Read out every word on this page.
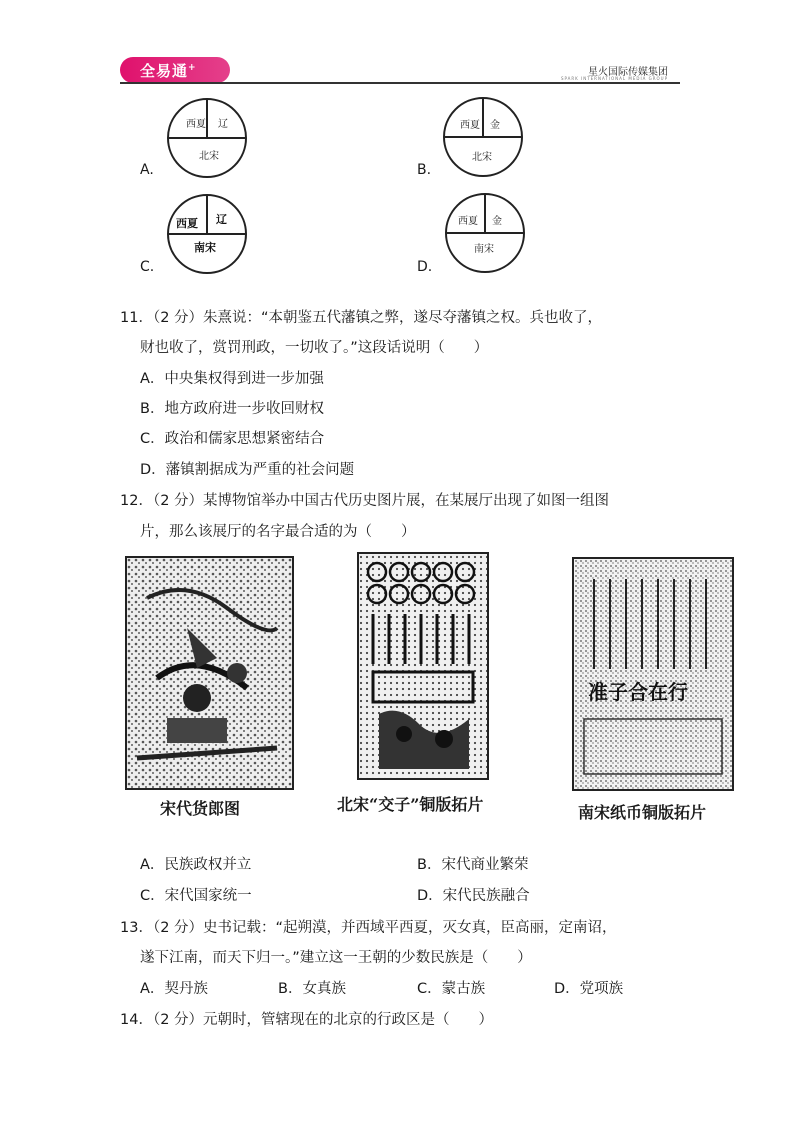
全易通+	星火国际传媒集团
SPARK INTERNATIONAL MEDIA GROUP
西夏 辽
北宋
A.
西夏 金
北宋
B.
西夏 辽
南宋
C.
西夏 金
南宋
D.
11．（2 分）朱熹说：“本朝鉴五代藩镇之弊，遂尽夺藩镇之权。兵也收了，
财也收了，赏罚刑政，一切收了。”这段话说明（　　）
A．中央集权得到进一步加强
B．地方政府进一步收回财权
C．政治和儒家思想紧密结合
D．藩镇割据成为严重的社会问题
12．（2 分）某博物馆举办中国古代历史图片展，在某展厅出现了如图一组图
片，那么该展厅的名字最合适的为（　　）
准子合在行
宋代货郎图	北宋“交子”铜版拓片	南宋纸币铜版拓片
A．民族政权并立	B．宋代商业繁荣
C．宋代国家统一	D．宋代民族融合
13．（2 分）史书记载：“起朔漠，并西域平西夏，灭女真，臣高丽，定南诏，
遂下江南，而天下归一。”建立这一王朝的少数民族是（　　）
A．契丹族	B．女真族	C．蒙古族	D．党项族
14．（2 分）元朝时，管辖现在的北京的行政区是（　　）
